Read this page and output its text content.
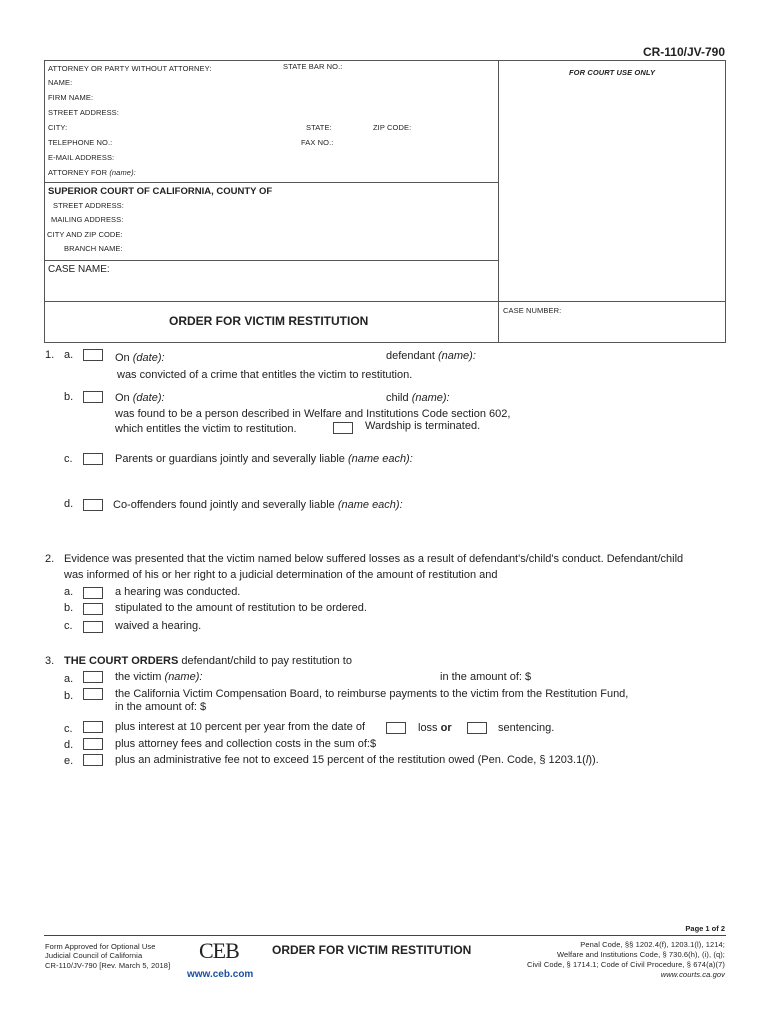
CR-110/JV-790
ATTORNEY OR PARTY WITHOUT ATTORNEY:	STATE BAR NO.:
FOR COURT USE ONLY
NAME:
FIRM NAME:
STREET ADDRESS:
CITY:	STATE:	ZIP CODE:
TELEPHONE NO.:	FAX NO.:
E-MAIL ADDRESS:
ATTORNEY FOR (name):
SUPERIOR COURT OF CALIFORNIA, COUNTY OF
STREET ADDRESS:
MAILING ADDRESS:
CITY AND ZIP CODE:
BRANCH NAME:
CASE NAME:
ORDER FOR VICTIM RESTITUTION
CASE NUMBER:
1. a.	On (date):	defendant (name):
was convicted of a crime that entitles the victim to restitution.
b.	On (date):	child (name):
was found to be a person described in Welfare and Institutions Code section 602,
which entitles the victim to restitution.	Wardship is terminated.
c.	Parents or guardians jointly and severally liable (name each):
d.	Co-offenders found jointly and severally liable (name each):
2. Evidence was presented that the victim named below suffered losses as a result of defendant's/child's conduct. Defendant/child
was informed of his or her right to a judicial determination of the amount of restitution and
a.	a hearing was conducted.
b.	stipulated to the amount of restitution to be ordered.
c.	waived a hearing.
3. THE COURT ORDERS defendant/child to pay restitution to
a.	the victim (name):	in the amount of: $
b.	the California Victim Compensation Board, to reimburse payments to the victim from the Restitution Fund,
in the amount of: $
c.	plus interest at 10 percent per year from the date of	loss or	sentencing.
d.	plus attorney fees and collection costs in the sum of:$
e.	plus an administrative fee not to exceed 15 percent of the restitution owed (Pen. Code, § 1203.1(l)).
Page 1 of 2
Form Approved for Optional Use
Judicial Council of California
CR-110/JV-790 [Rev. March 5, 2018]
CEB
www.ceb.com
ORDER FOR VICTIM RESTITUTION	Penal Code, §§ 1202.4(f), 1203.1(l), 1214;
Welfare and Institutions Code, § 730.6(h), (i), (q);
Civil Code, § 1714.1; Code of Civil Procedure, § 674(a)(7)
www.courts.ca.gov
